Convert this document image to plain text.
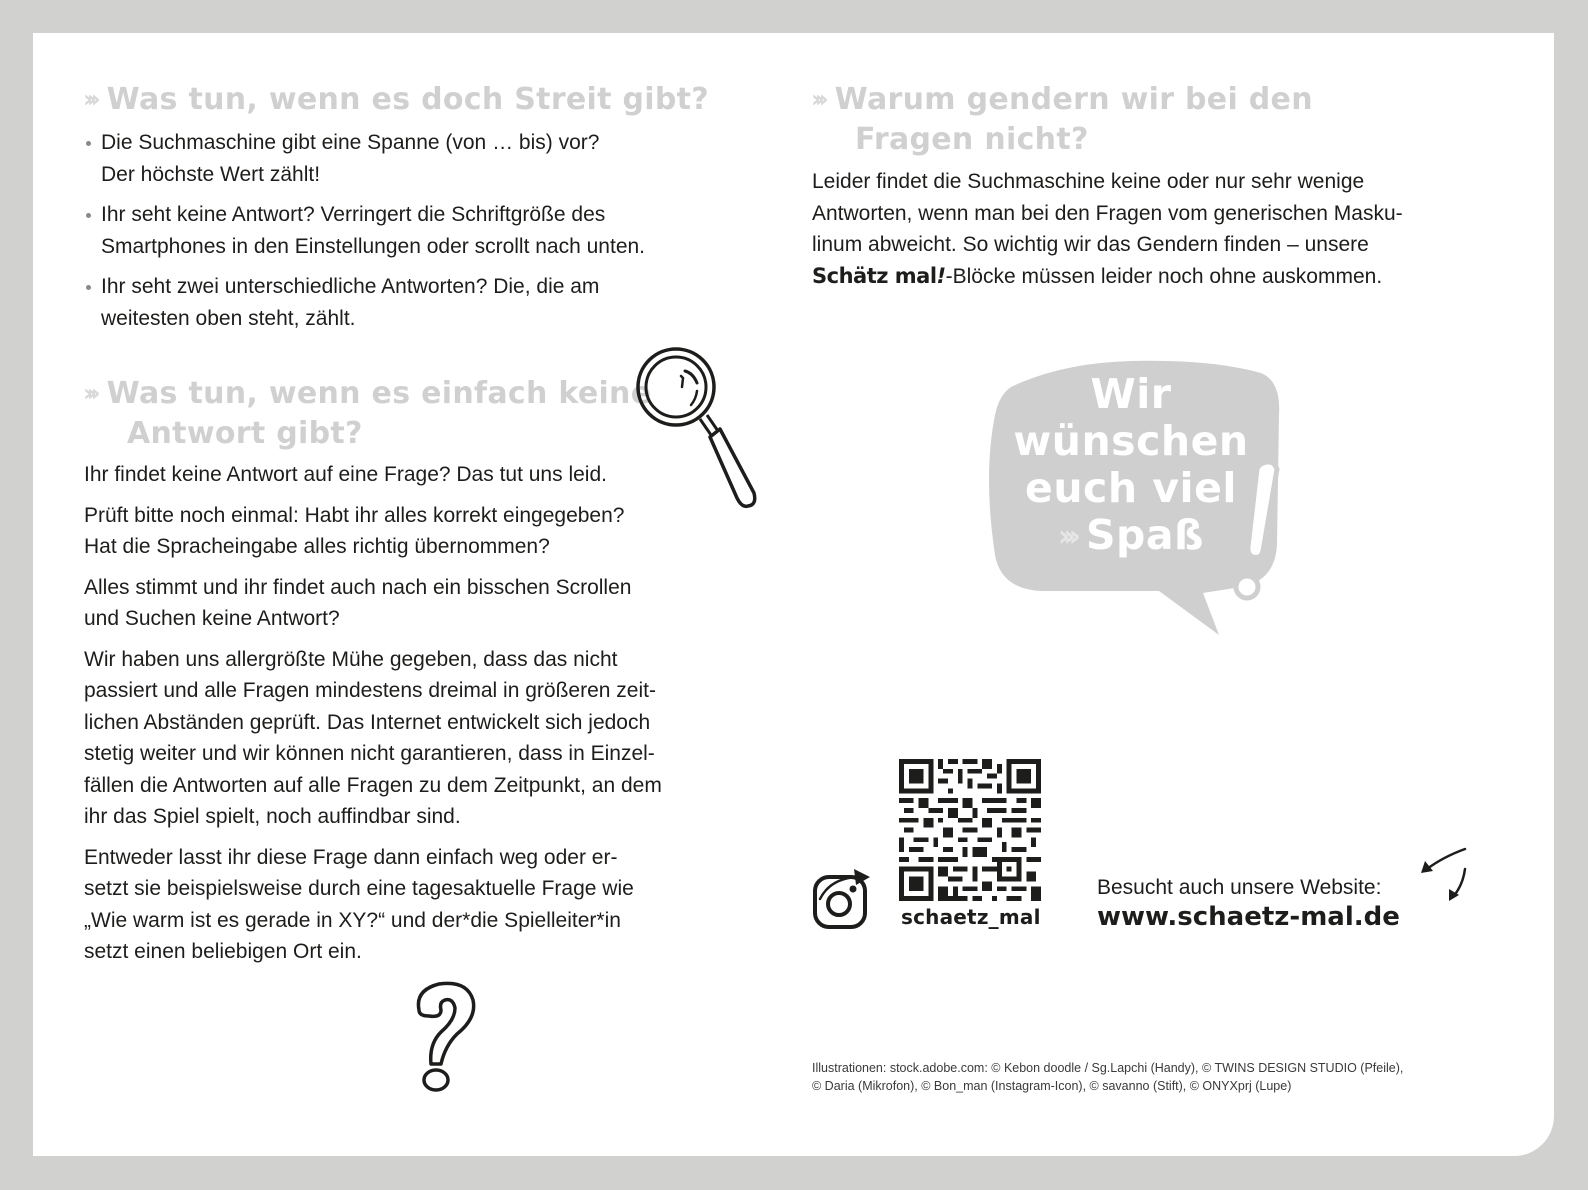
››› Was tun, wenn es doch Streit gibt?
Die Suchmaschine gibt eine Spanne (von … bis) vor?
Der höchste Wert zählt!
Ihr seht keine Antwort? Verringert die Schriftgröße des
Smartphones in den Einstellungen oder scrollt nach unten.
Ihr seht zwei unterschiedliche Antworten? Die, die am
weitesten oben steht, zählt.
››› Was tun, wenn es einfach keine
Antwort gibt?

Ihr findet keine Antwort auf eine Frage? Das tut uns leid.

Prüft bitte noch einmal: Habt ihr alles korrekt eingegeben?
Hat die Spracheingabe alles richtig übernommen?

Alles stimmt und ihr findet auch nach ein bisschen Scrollen
und Suchen keine Antwort?

Wir haben uns allergrößte Mühe gegeben, dass das nicht
passiert und alle Fragen mindestens dreimal in größeren zeit-
lichen Abständen geprüft. Das Internet entwickelt sich jedoch
stetig weiter und wir können nicht garantieren, dass in Einzel-
fällen die Antworten auf alle Fragen zu dem Zeitpunkt, an dem
ihr das Spiel spielt, noch auffindbar sind.

Entweder lasst ihr diese Frage dann einfach weg oder er-
setzt sie beispielsweise durch eine tagesaktuelle Frage wie
„Wie warm ist es gerade in XY?“ und der*die Spielleiter*in
setzt einen beliebigen Ort ein.

››› Warum gendern wir bei den
Fragen nicht?
Leider findet die Suchmaschine keine oder nur sehr wenige
Antworten, wenn man bei den Fragen vom generischen Masku-
linum abweicht. So wichtig wir das Gendern finden – unsere
Schätz mal!-Blöcke müssen leider noch ohne auskommen.
Wir
wünschen
euch viel
››› Spaß
schaetz_mal
Besucht auch unsere Website:
www.schaetz-mal.de
Illustrationen: stock.adobe.com: © Kebon doodle / Sg.Lapchi (Handy), © TWINS DESIGN STUDIO (Pfeile),
© Daria (Mikrofon), © Bon_man (Instagram-Icon), © savanno (Stift), © ONYXprj (Lupe)
